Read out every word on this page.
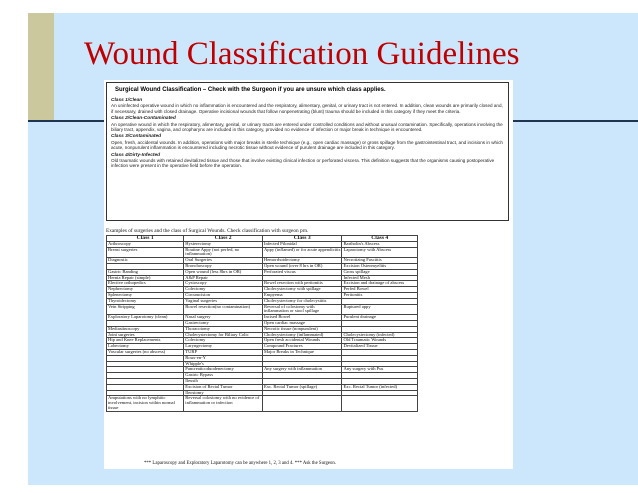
Wound Classification Guidelines
Surgical Wound Classification – Check with the Surgeon if you are unsure which class applies.
Class 1/Clean

An uninfected operative wound in which no inflammation is encountered and the respiratory, alimentary, genital, or urinary tract is not entered. In addition, clean wounds are primarily closed and, if necessary, drained with closed drainage. Operative incisional wounds that follow nonpenetrating (blunt) trauma should be included in this category if they meet the criteria.

Class 2/Clean-Contaminated

An operative wound in which the respiratory, alimentary, genital, or urinary tracts are entered under controlled conditions and without unusual contamination. Specifically, operations involving the biliary tract, appendix, vagina, and oropharynx are included in this category, provided no evidence of infection or major break in technique is encountered.

Class 3/Contaminated

Open, fresh, accidental wounds. In addition, operations with major breaks in sterile technique (e.g., open cardiac massage) or gross spillage from the gastrointestinal tract, and incisions in which acute, nonpurulent inflammation is encountered including necrotic tissue without evidence of purulent drainage are included in this category.

Class 4/Dirty-Infected

Old traumatic wounds with retained devitalized tissue and those that involve existing clinical infection or perforated viscera. This definition suggests that the organisms causing postoperative infection were present in the operative field before the operation.

Examples of surgeries and the class of Surgical Wounds. Check classification with surgeon prn.
Class 1	Class 2	Class 3	Class 4
Arthroscopy	Hysterectomy	Infected Pilonidal	Bartholin's Abscess
Breast surgeries	Routine Appy (not perfed, no inflammation)	Appy (inflamed) or for acute appendicitis	Laparotomy with Abscess
Diagnostic	Oral Surgeries	Hemorrhoidectomy	Necrotizing Fasciitis
	Bronchoscopy	Open wound (over 8 hrs in OR)	Excision Osteomyelitis
Gastric Banding	Open wound (less 8hrs in OR)	Perforated viscus	Gross spillage
Hernia Repair (simple)	A&P Repair		Infected Mesh
Elective orthopedics	Cystoscopy	Bowel resection with peritonitis	Excision and drainage of abscess
Nephrectomy	Colectomy	Cholecystectomy with spillage	Perfed Bowel
Splenectomy	Circumcision	Empyema	Peritonitis
Thyroidectomy	Vaginal surgeries	Cholecystectomy for cholecystitis	
Vein Stripping	Bowel resection(no contamination)	Reversal of colostomy with inflammation or stool spillage	Ruptured appy
Exploratory Laparotomy (clean)	Nasal surgery	Incised Bowel	Purulent drainage
	Gastrectomy	Open cardiac massage	
Mediastinoscopy	Thoracotomy	Necrotic tissue (nonpurulent)	
Joint surgeries	Cholecystectomy for Biliary Colic	Cholecystectomy (inflammated)	Cholecystectomy (infected)
Hip and Knee Replacements	Colectomy	Open fresh accidental Wounds	Old Traumatic Wounds
Lobectomy	Laryngectomy	Compound Fractures	Devitalized Tissue
Vascular surgeries (no abscess)	TURP	Major Breaks in Technique	
	Roux-en-Y		
	Whipple's		
	Pancreaticoduodenectomy	Any surgery with inflammation	Any surgery with Pus
	Gastric Bypass		
	Ileusth		
	Excision of Rectal Tumor	Exc. Rectal Tumor (spillage)	Exc. Rectal Tumor (infected)
	Ileostomy		
Amputations with no lymphitic involvement, incision within normal tissue	Reversal colostomy with no evidence of inflammation or infection		
*** Laparoscopy and Exploratory Laparotomy can be anywhere 1, 2, 3 and 4. *** Ask the Surgeon.
